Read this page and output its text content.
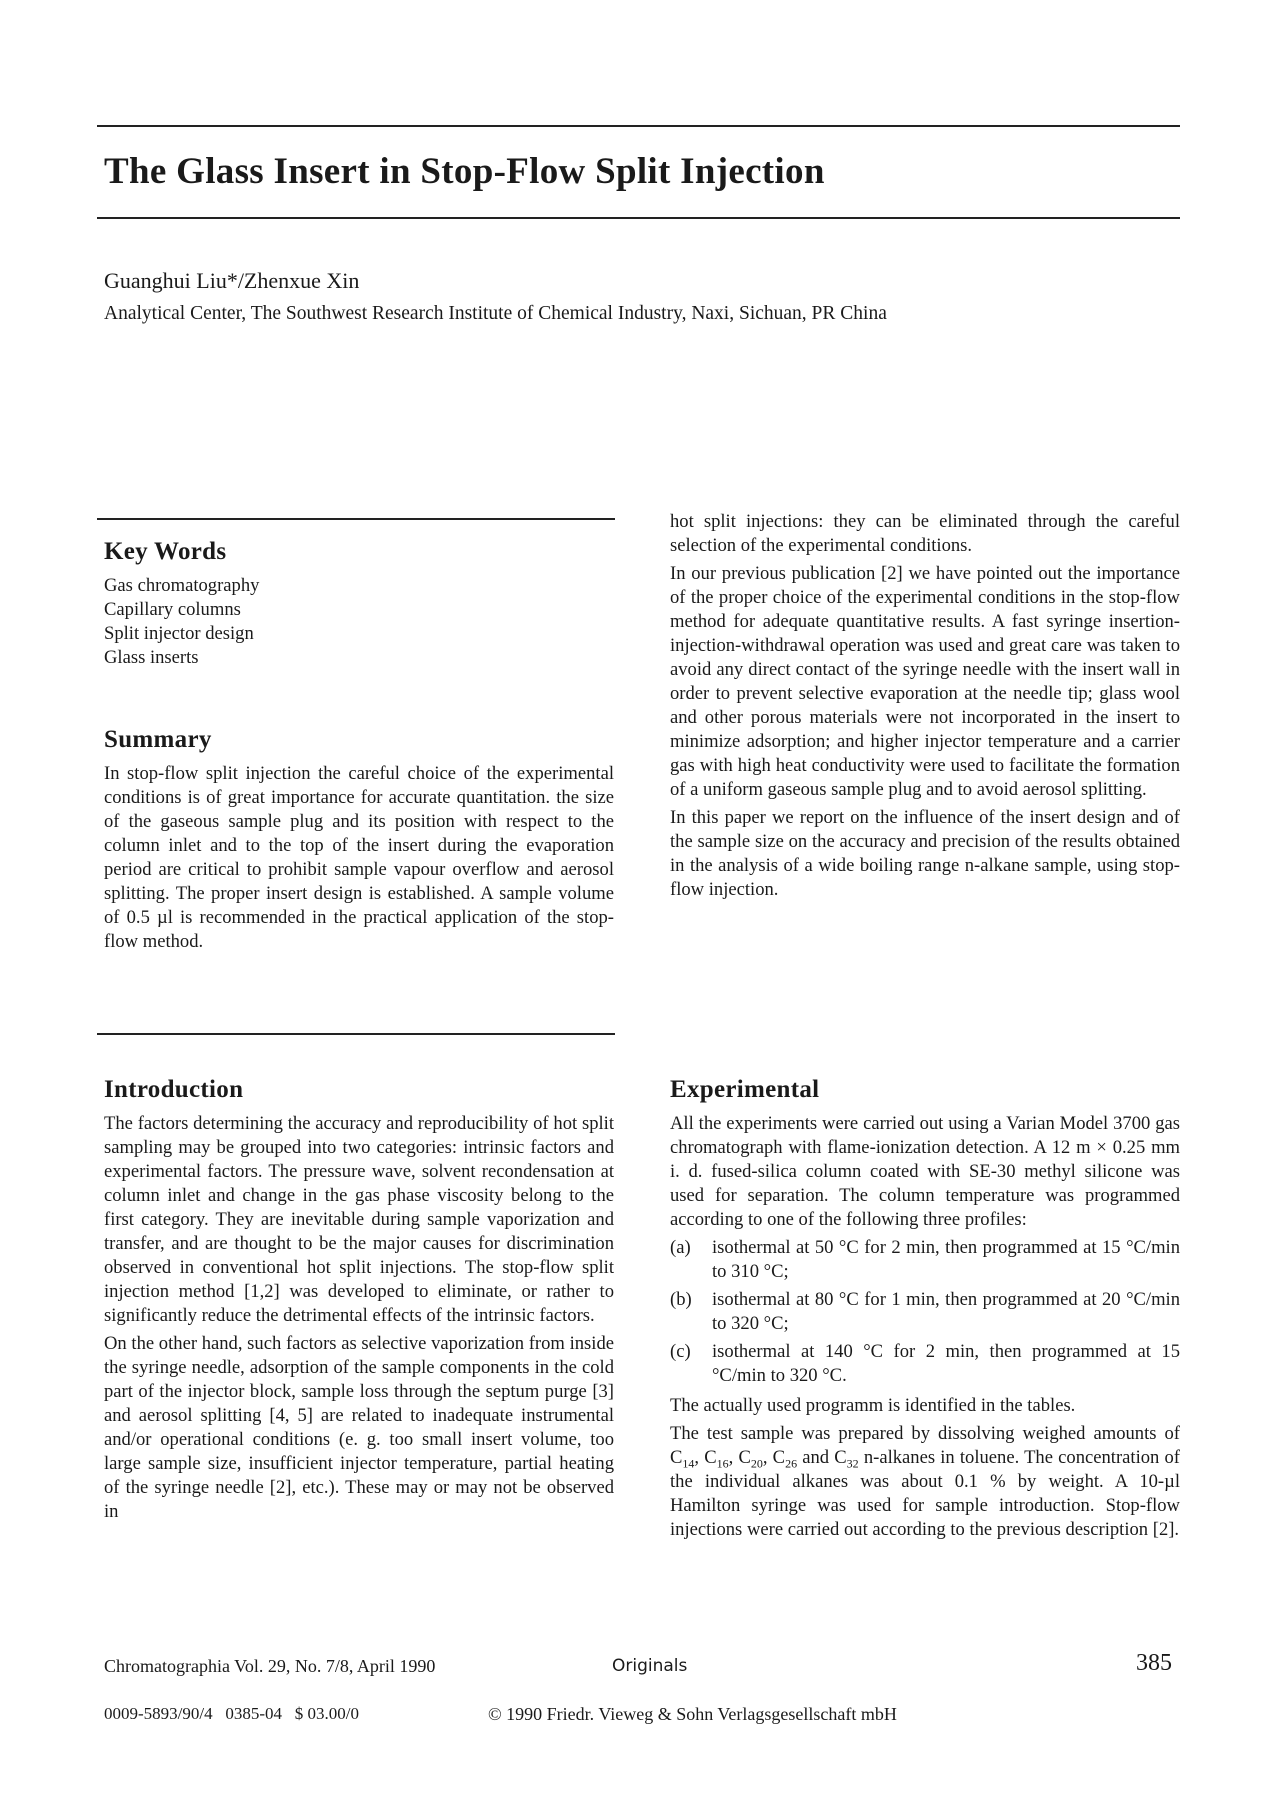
The Glass Insert in Stop-Flow Split Injection
Guanghui Liu*/Zhenxue Xin
Analytical Center, The Southwest Research Institute of Chemical Industry, Naxi, Sichuan, PR China
Key Words
Gas chromatography
Capillary columns
Split injector design
Glass inserts
Summary

In stop-flow split injection the careful choice of the experimental conditions is of great importance for accurate quantitation. the size of the gaseous sample plug and its position with respect to the column inlet and to the top of the insert during the evaporation period are critical to prohibit sample vapour overflow and aerosol splitting. The proper insert design is established. A sample volume of 0.5 µl is recommended in the practical application of the stop-flow method.

Introduction

The factors determining the accuracy and reproducibility of hot split sampling may be grouped into two categories: intrinsic factors and experimental factors. The pressure wave, solvent recondensation at column inlet and change in the gas phase viscosity belong to the first category. They are inevitable during sample vaporization and transfer, and are thought to be the major causes for discrimination observed in conventional hot split injections. The stop-flow split injection method [1,2] was developed to eliminate, or rather to significantly reduce the detrimental effects of the intrinsic factors.

On the other hand, such factors as selective vaporization from inside the syringe needle, adsorption of the sample components in the cold part of the injector block, sample loss through the septum purge [3] and aerosol splitting [4, 5] are related to inadequate instrumental and/or operational conditions (e. g. too small insert volume, too large sample size, insufficient injector temperature, partial heating of the syringe needle [2], etc.). These may or may not be observed in

hot split injections: they can be eliminated through the careful selection of the experimental conditions.

In our previous publication [2] we have pointed out the importance of the proper choice of the experimental conditions in the stop-flow method for adequate quantitative results. A fast syringe insertion-injection-withdrawal operation was used and great care was taken to avoid any direct contact of the syringe needle with the insert wall in order to prevent selective evaporation at the needle tip; glass wool and other porous materials were not incorporated in the insert to minimize adsorption; and higher injector temperature and a carrier gas with high heat conductivity were used to facilitate the formation of a uniform gaseous sample plug and to avoid aerosol splitting.

In this paper we report on the influence of the insert design and of the sample size on the accuracy and precision of the results obtained in the analysis of a wide boiling range n-alkane sample, using stop-flow injection.

Experimental

All the experiments were carried out using a Varian Model 3700 gas chromatograph with flame-ionization detection. A 12 m × 0.25 mm i. d. fused-silica column coated with SE-30 methyl silicone was used for separation. The column temperature was programmed according to one of the following three profiles:

(a)	isothermal at 50 °C for 2 min, then programmed at 15 °C/min to 310 °C;
(b)	isothermal at 80 °C for 1 min, then programmed at 20 °C/min to 320 °C;
(c)	isothermal at 140 °C for 2 min, then programmed at 15 °C/min to 320 °C.

The actually used programm is identified in the tables.

The test sample was prepared by dissolving weighed amounts of $C_{14}$, $C_{16}$, $C_{20}$, $C_{26}$ and $C_{32}$ n-alkanes in toluene. The concentration of the individual alkanes was about 0.1 % by weight. A 10-µl Hamilton syringe was used for sample introduction. Stop-flow injections were carried out according to the previous description [2].

Chromatographia Vol. 29, No. 7/8, April 1990	Originals	385
0009-5893/90/4   0385-04   $ 03.00/0	© 1990 Friedr. Vieweg & Sohn Verlagsgesellschaft mbH
